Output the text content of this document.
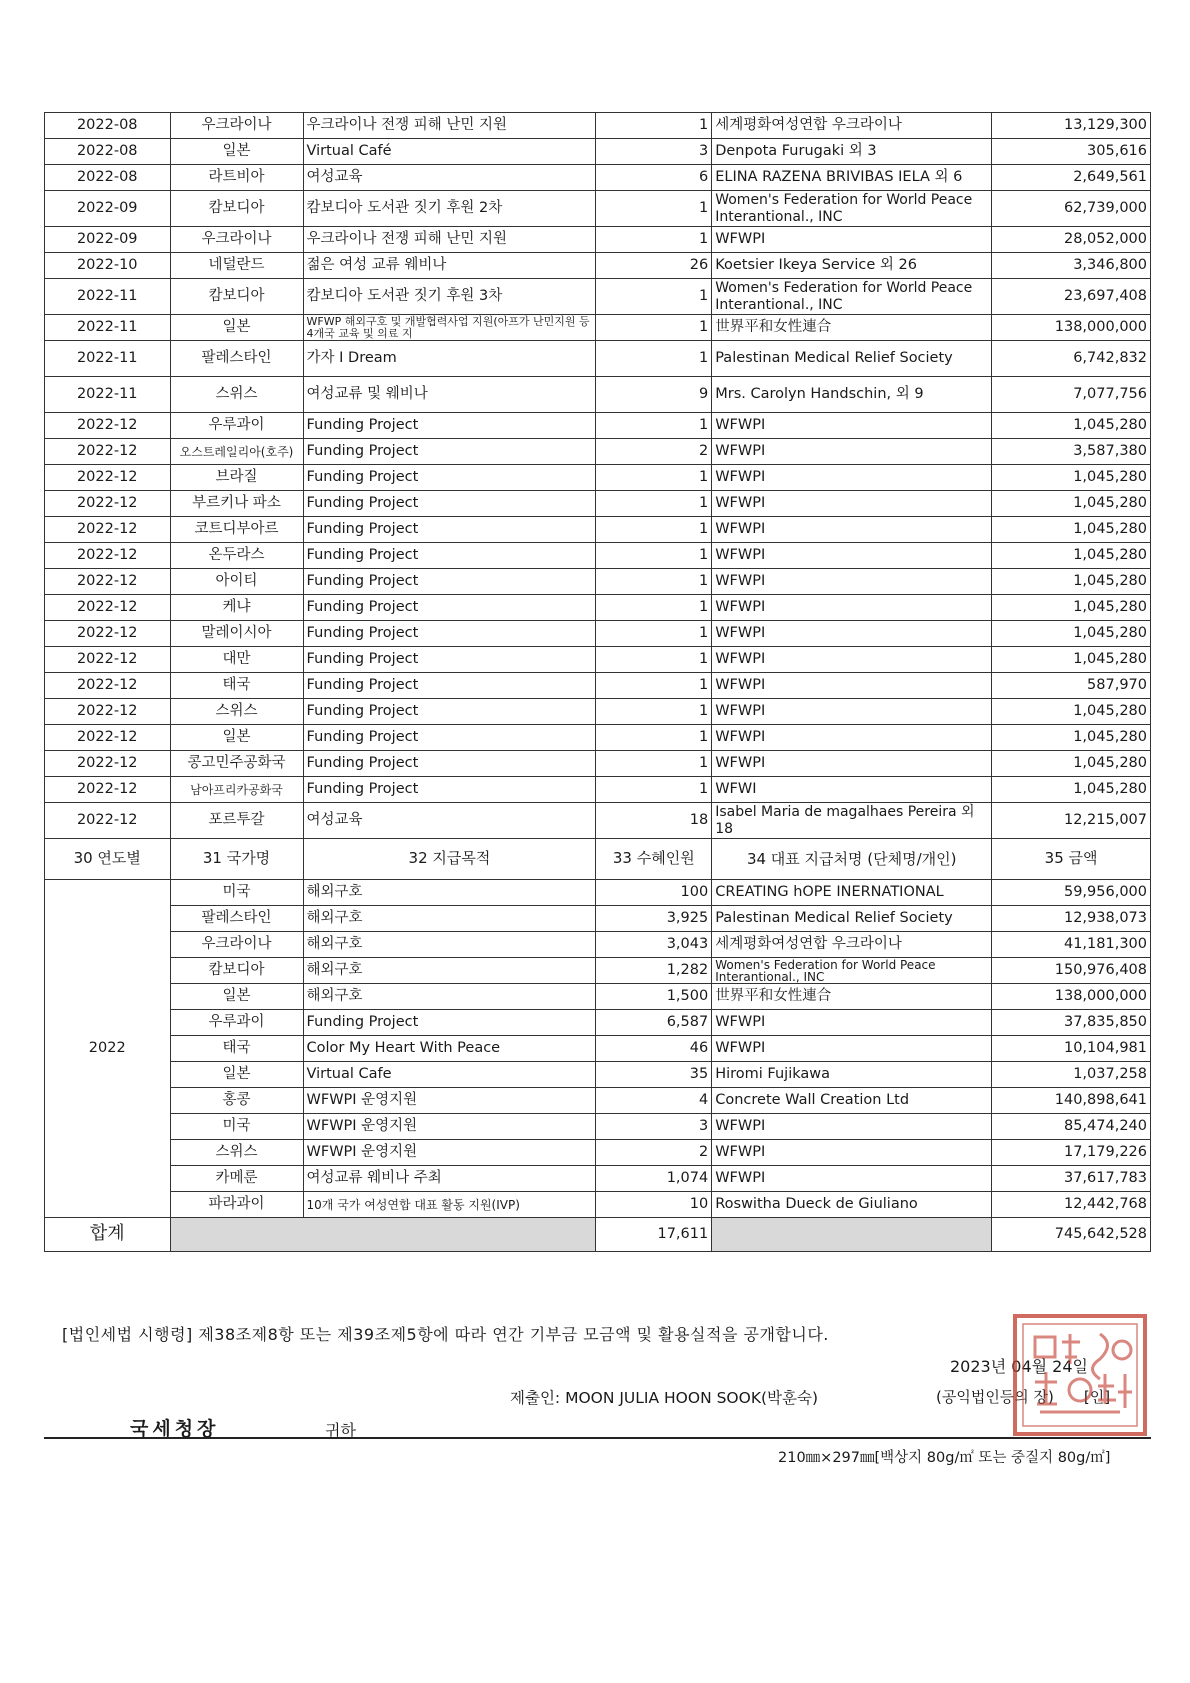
2022-08	우크라이나	우크라이나 전쟁 피해 난민 지원	1	세계평화여성연합 우크라이나	13,129,300
2022-08	일본	Virtual Café	3	Denpota Furugaki 외 3	305,616
2022-08	라트비아	여성교육	6	ELINA RAZENA BRIVIBAS IELA 외 6	2,649,561
2022-09	캄보디아	캄보디아 도서관 짓기 후원 2차	1	Women's Federation for World Peace Interantional., INC	62,739,000
2022-09	우크라이나	우크라이나 전쟁 피해 난민 지원	1	WFWPI	28,052,000
2022-10	네덜란드	젊은 여성 교류 웨비나	26	Koetsier Ikeya Service 외 26	3,346,800
2022-11	캄보디아	캄보디아 도서관 짓기 후원 3차	1	Women's Federation for World Peace Interantional., INC	23,697,408
2022-11	일본	WFWP 해외구호 및 개발협력사업 지원(아프가 난민지원 등 4개국 교육 및 의료 지	1	世界平和女性連合	138,000,000
2022-11	팔레스타인	가자 I Dream	1	Palestinan Medical Relief Society	6,742,832
2022-11	스위스	여성교류 및 웨비나	9	Mrs. Carolyn Handschin, 외 9	7,077,756
2022-12	우루과이	Funding Project	1	WFWPI	1,045,280
2022-12	오스트레일리아(호주)	Funding Project	2	WFWPI	3,587,380
2022-12	브라질	Funding Project	1	WFWPI	1,045,280
2022-12	부르키나 파소	Funding Project	1	WFWPI	1,045,280
2022-12	코트디부아르	Funding Project	1	WFWPI	1,045,280
2022-12	온두라스	Funding Project	1	WFWPI	1,045,280
2022-12	아이티	Funding Project	1	WFWPI	1,045,280
2022-12	케냐	Funding Project	1	WFWPI	1,045,280
2022-12	말레이시아	Funding Project	1	WFWPI	1,045,280
2022-12	대만	Funding Project	1	WFWPI	1,045,280
2022-12	태국	Funding Project	1	WFWPI	587,970
2022-12	스위스	Funding Project	1	WFWPI	1,045,280
2022-12	일본	Funding Project	1	WFWPI	1,045,280
2022-12	콩고민주공화국	Funding Project	1	WFWPI	1,045,280
2022-12	남아프리카공화국	Funding Project	1	WFWI	1,045,280
2022-12	포르투갈	여성교육	18	Isabel Maria de magalhaes Pereira 외 18	12,215,007
30 연도별	31 국가명	32 지급목적	33 수혜인원	34 대표 지급처명 (단체명/개인)	35 금액
2022	미국	해외구호	100	CREATING hOPE INERNATIONAL	59,956,000
	팔레스타인	해외구호	3,925	Palestinan Medical Relief Society	12,938,073
	우크라이나	해외구호	3,043	세계평화여성연합 우크라이나	41,181,300
	캄보디아	해외구호	1,282	Women's Federation for World Peace Interantional., INC	150,976,408
	일본	해외구호	1,500	世界平和女性連合	138,000,000
	우루과이	Funding Project	6,587	WFWPI	37,835,850
	태국	Color My Heart With Peace	46	WFWPI	10,104,981
	일본	Virtual Cafe	35	Hiromi Fujikawa	1,037,258
	홍콩	WFWPI 운영지원	4	Concrete Wall Creation Ltd	140,898,641
	미국	WFWPI 운영지원	3	WFWPI	85,474,240
	스위스	WFWPI 운영지원	2	WFWPI	17,179,226
	카메룬	여성교류 웨비나 주최	1,074	WFWPI	37,617,783
	파라과이	10개 국가 여성연합 대표 활동 지원(IVP)	10	Roswitha Dueck de Giuliano	12,442,768
합계			17,611		745,642,528
[법인세법 시행령] 제38조제8항 또는 제39조제5항에 따라 연간 기부금 모금액 및 활용실적을 공개합니다.
2023년 04월 24일
제출인: MOON JULIA HOON SOOK(박훈숙)	(공익법인등의 장) [인]
국세청장	귀하
210㎜×297㎜[백상지 80g/㎡ 또는 중질지 80g/㎡]
